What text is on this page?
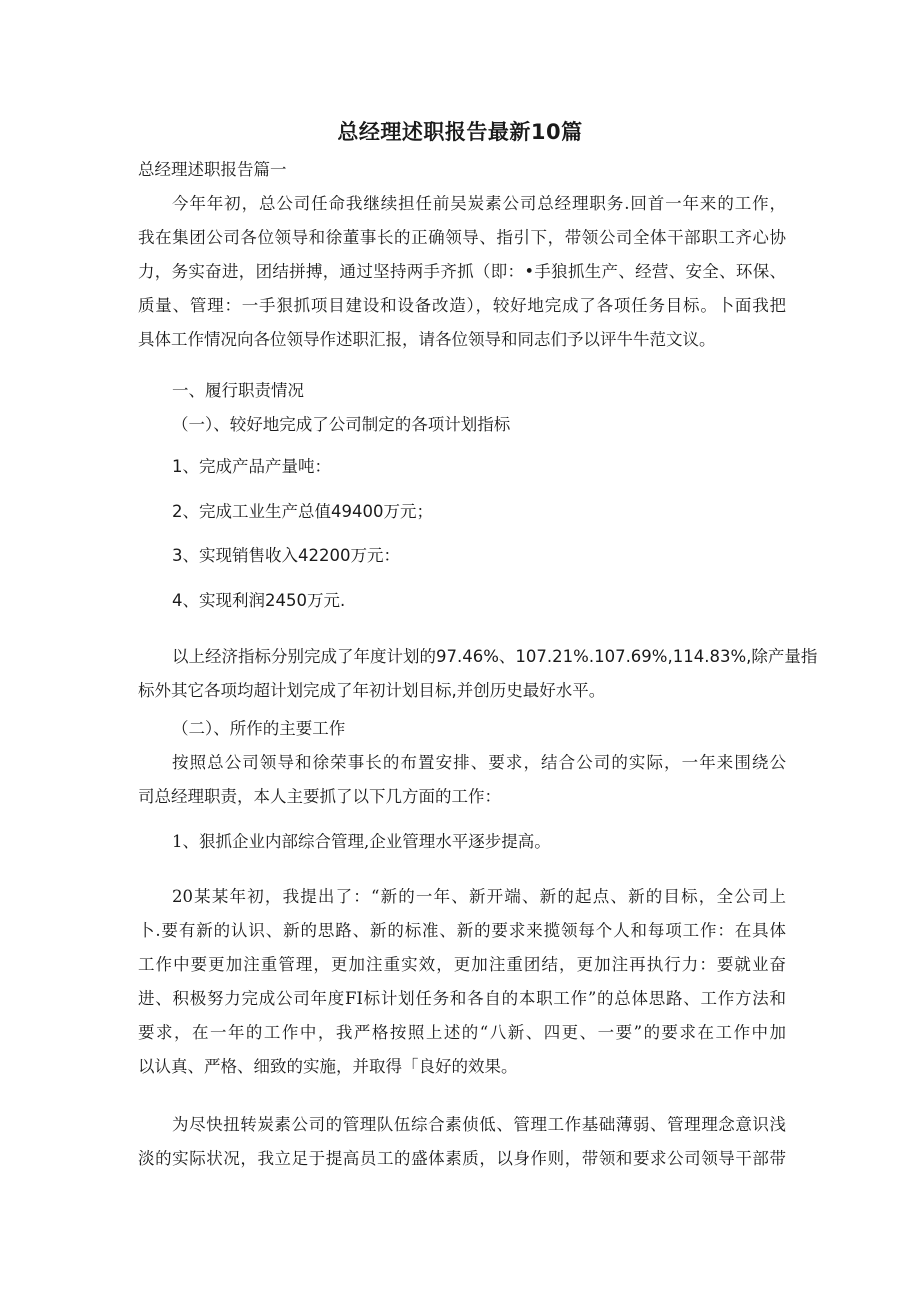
总经理述职报告最新10篇
总经理述职报告篇一
今年年初，总公司任命我继续担任前吴炭素公司总经理职务.回首一年来的工作，
我在集团公司各位领导和徐董事长的正确领导、指引下，带领公司全体干部职工齐心协
力，务实奋进，团结拼搏，通过坚持两手齐抓（即：•手狼抓生产、经营、安全、环保、
质量、管理：一手狠抓项目建设和设备改造），较好地完成了各项任务目标。卜面我把
具体工作情况向各位领导作述职汇报，请各位领导和同志们予以评牛牛范文议。
一、履行职责情况
（一）、较好地完成了公司制定的各项计划指标
1、完成产品产量吨：
2、完成工业生产总值49400万元；
3、实现销售收入42200万元：
4、实现利润2450万元.
以上经济指标分别完成了年度计划的97.46%、107.21%.107.69%,114.83%,除产量指
标外其它各项均超计划完成了年初计划目标,并创历史最好水平。
（二）、所作的主要工作
按照总公司领导和徐荣事长的布置安排、要求，结合公司的实际，一年来围绕公
司总经理职责，本人主要抓了以下几方面的工作：
1、狠抓企业内部综合管理,企业管理水平逐步提高。
20某某年初，我提出了：“新的一年、新开端、新的起点、新的目标，全公司上
卜.要有新的认识、新的思路、新的标准、新的要求来揽领每个人和每项工作：在具体
工作中要更加注重管理，更加注重实效，更加注重团结，更加注再执行力：要就业奋
进、积极努力完成公司年度FI标计划任务和各自的本职工作”的总体思路、工作方法和
要求，在一年的工作中，我严格按照上述的“八新、四更、一要”的要求在工作中加
以认真、严格、细致的实施，并取得「良好的效果。
为尽快扭转炭素公司的管理队伍综合素侦低、管理工作基础薄弱、管理理念意识浅
淡的实际状况，我立足于提高员工的盛体素质，以身作则，带领和要求公司领导干部带
